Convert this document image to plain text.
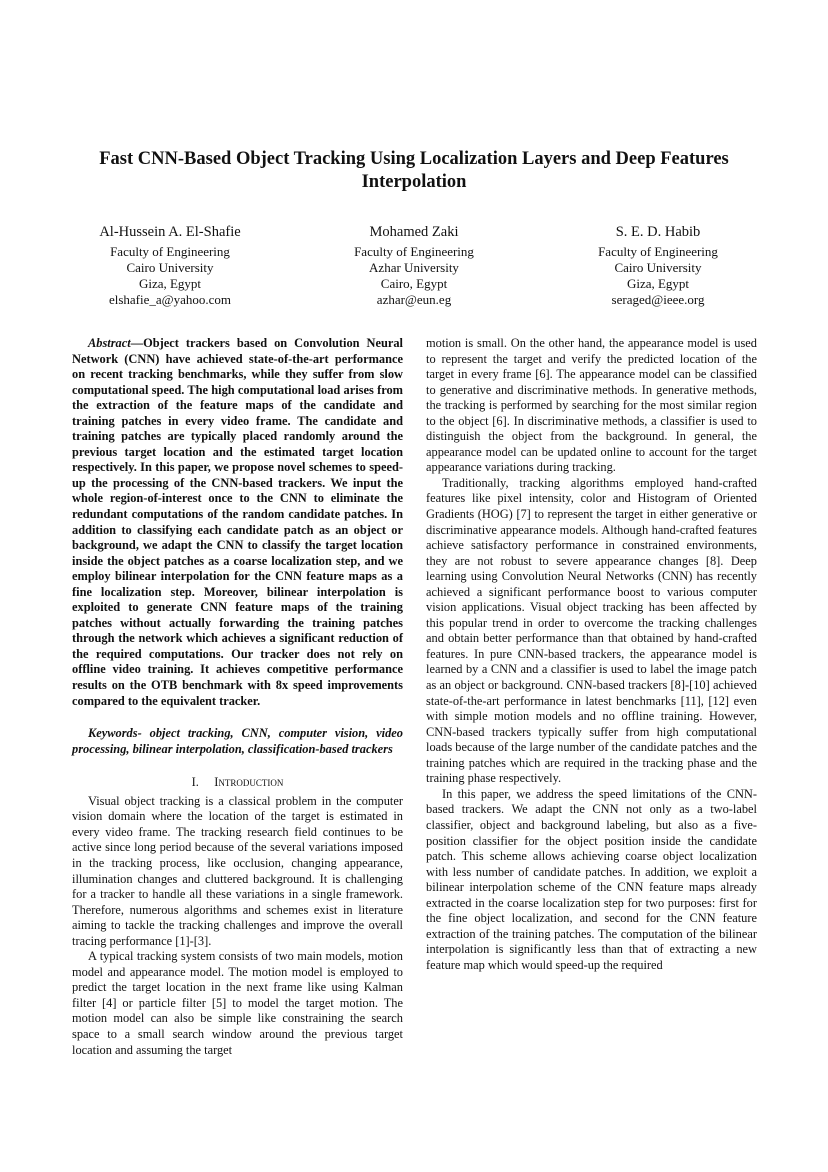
Fast CNN-Based Object Tracking Using Localization Layers and Deep Features Interpolation
Al-Hussein A. El-Shafie
Faculty of Engineering
Cairo University
Giza, Egypt
elshafie_a@yahoo.com
Mohamed Zaki
Faculty of Engineering
Azhar University
Cairo, Egypt
azhar@eun.eg
S. E. D. Habib
Faculty of Engineering
Cairo University
Giza, Egypt
seraged@ieee.org

Abstract—Object trackers based on Convolution Neural Network (CNN) have achieved state-of-the-art performance on recent tracking benchmarks, while they suffer from slow computational speed. The high computational load arises from the extraction of the feature maps of the candidate and training patches in every video frame. The candidate and training patches are typically placed randomly around the previous target location and the estimated target location respectively. In this paper, we propose novel schemes to speed-up the processing of the CNN-based trackers. We input the whole region-of-interest once to the CNN to eliminate the redundant computations of the random candidate patches. In addition to classifying each candidate patch as an object or background, we adapt the CNN to classify the target location inside the object patches as a coarse localization step, and we employ bilinear interpolation for the CNN feature maps as a fine localization step. Moreover, bilinear interpolation is exploited to generate CNN feature maps of the training patches without actually forwarding the training patches through the network which achieves a significant reduction of the required computations. Our tracker does not rely on offline video training. It achieves competitive performance results on the OTB benchmark with 8x speed improvements compared to the equivalent tracker.

Keywords- object tracking, CNN, computer vision, video processing, bilinear interpolation, classification-based trackers

I. Introduction

Visual object tracking is a classical problem in the computer vision domain where the location of the target is estimated in every video frame. The tracking research field continues to be active since long period because of the several variations imposed in the tracking process, like occlusion, changing appearance, illumination changes and cluttered background. It is challenging for a tracker to handle all these variations in a single framework. Therefore, numerous algorithms and schemes exist in literature aiming to tackle the tracking challenges and improve the overall tracing performance [1]-[3].

A typical tracking system consists of two main models, motion model and appearance model. The motion model is employed to predict the target location in the next frame like using Kalman filter [4] or particle filter [5] to model the target motion. The motion model can also be simple like constraining the search space to a small search window around the previous target location and assuming the target

motion is small. On the other hand, the appearance model is used to represent the target and verify the predicted location of the target in every frame [6]. The appearance model can be classified to generative and discriminative methods. In generative methods, the tracking is performed by searching for the most similar region to the object [6]. In discriminative methods, a classifier is used to distinguish the object from the background. In general, the appearance model can be updated online to account for the target appearance variations during tracking.

Traditionally, tracking algorithms employed hand-crafted features like pixel intensity, color and Histogram of Oriented Gradients (HOG) [7] to represent the target in either generative or discriminative appearance models. Although hand-crafted features achieve satisfactory performance in constrained environments, they are not robust to severe appearance changes [8]. Deep learning using Convolution Neural Networks (CNN) has recently achieved a significant performance boost to various computer vision applications. Visual object tracking has been affected by this popular trend in order to overcome the tracking challenges and obtain better performance than that obtained by hand-crafted features. In pure CNN-based trackers, the appearance model is learned by a CNN and a classifier is used to label the image patch as an object or background. CNN-based trackers [8]-[10] achieved state-of-the-art performance in latest benchmarks [11], [12] even with simple motion models and no offline training. However, CNN-based trackers typically suffer from high computational loads because of the large number of the candidate patches and the training patches which are required in the tracking phase and the training phase respectively.

In this paper, we address the speed limitations of the CNN-based trackers. We adapt the CNN not only as a two-label classifier, object and background labeling, but also as a five-position classifier for the object position inside the candidate patch. This scheme allows achieving coarse object localization with less number of candidate patches. In addition, we exploit a bilinear interpolation scheme of the CNN feature maps already extracted in the coarse localization step for two purposes: first for the fine object localization, and second for the CNN feature extraction of the training patches. The computation of the bilinear interpolation is significantly less than that of extracting a new feature map which would speed-up the required
